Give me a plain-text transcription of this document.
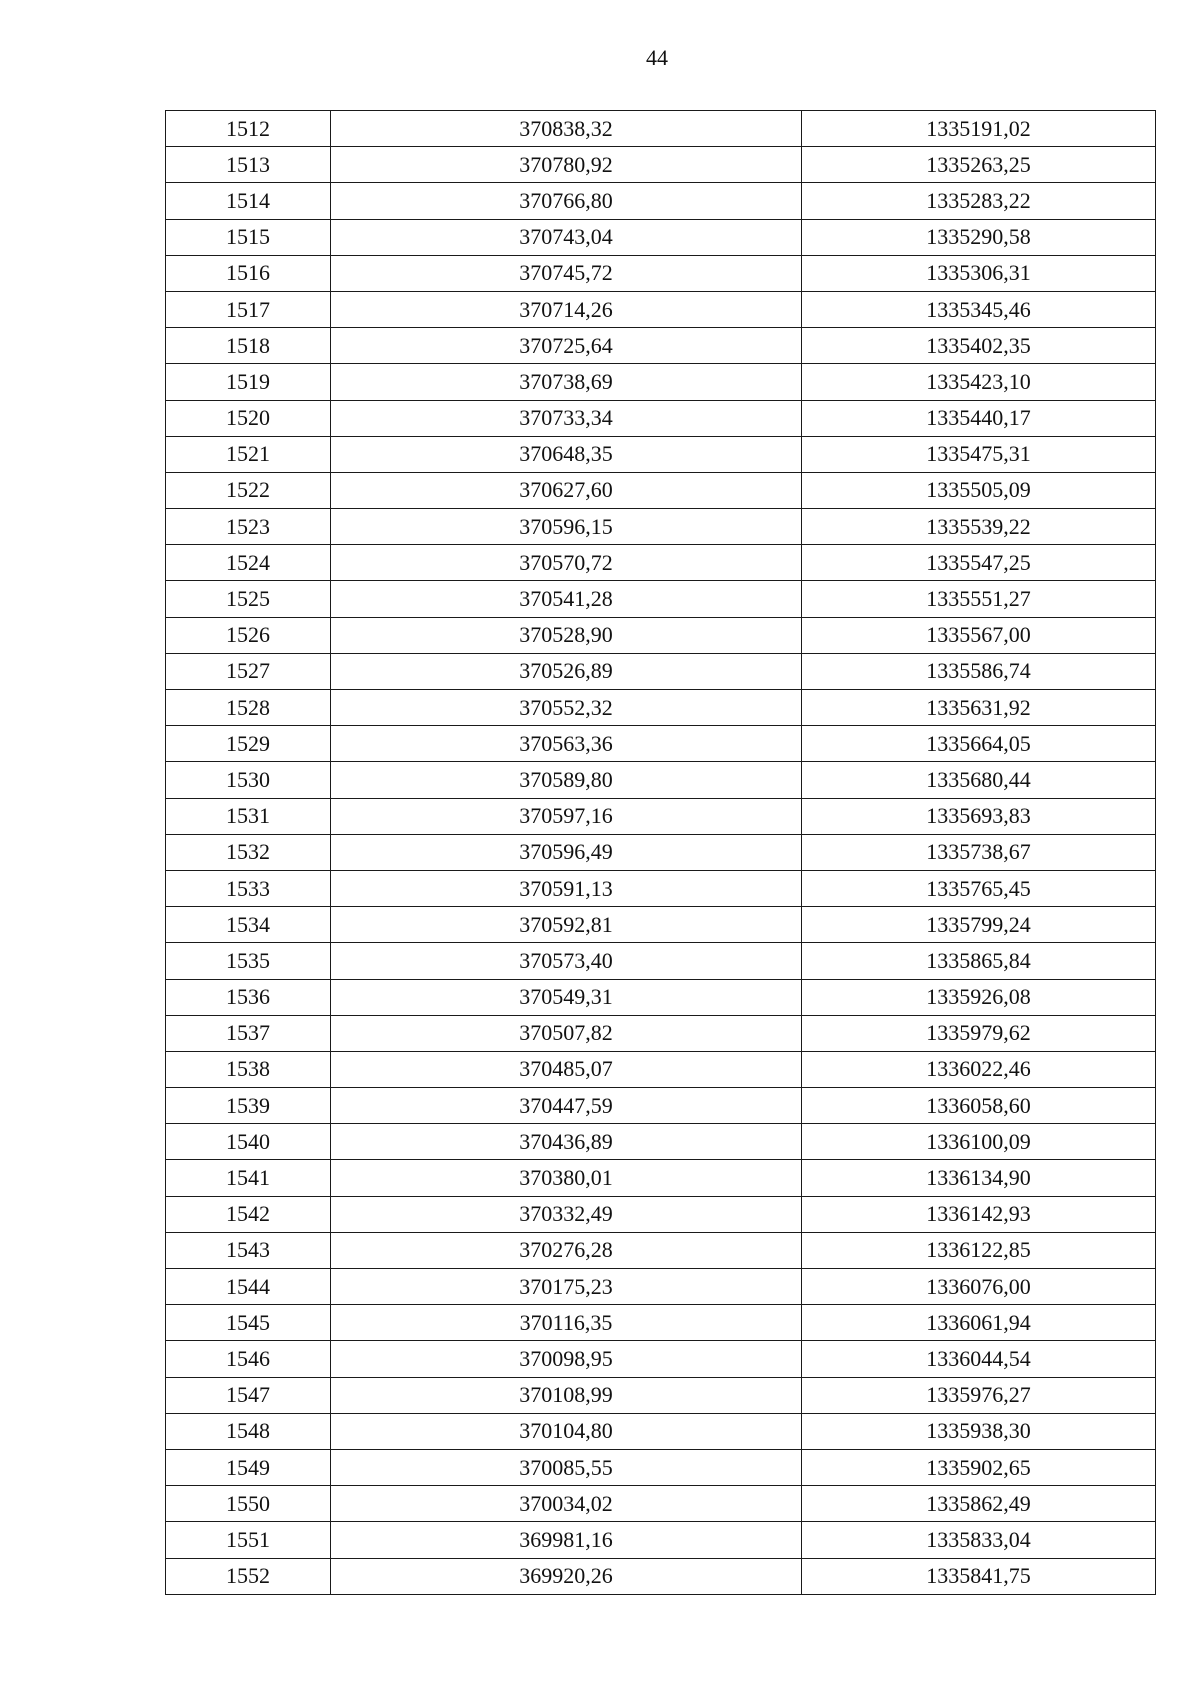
44
1512	370838,32	1335191,02
1513	370780,92	1335263,25
1514	370766,80	1335283,22
1515	370743,04	1335290,58
1516	370745,72	1335306,31
1517	370714,26	1335345,46
1518	370725,64	1335402,35
1519	370738,69	1335423,10
1520	370733,34	1335440,17
1521	370648,35	1335475,31
1522	370627,60	1335505,09
1523	370596,15	1335539,22
1524	370570,72	1335547,25
1525	370541,28	1335551,27
1526	370528,90	1335567,00
1527	370526,89	1335586,74
1528	370552,32	1335631,92
1529	370563,36	1335664,05
1530	370589,80	1335680,44
1531	370597,16	1335693,83
1532	370596,49	1335738,67
1533	370591,13	1335765,45
1534	370592,81	1335799,24
1535	370573,40	1335865,84
1536	370549,31	1335926,08
1537	370507,82	1335979,62
1538	370485,07	1336022,46
1539	370447,59	1336058,60
1540	370436,89	1336100,09
1541	370380,01	1336134,90
1542	370332,49	1336142,93
1543	370276,28	1336122,85
1544	370175,23	1336076,00
1545	370116,35	1336061,94
1546	370098,95	1336044,54
1547	370108,99	1335976,27
1548	370104,80	1335938,30
1549	370085,55	1335902,65
1550	370034,02	1335862,49
1551	369981,16	1335833,04
1552	369920,26	1335841,75
